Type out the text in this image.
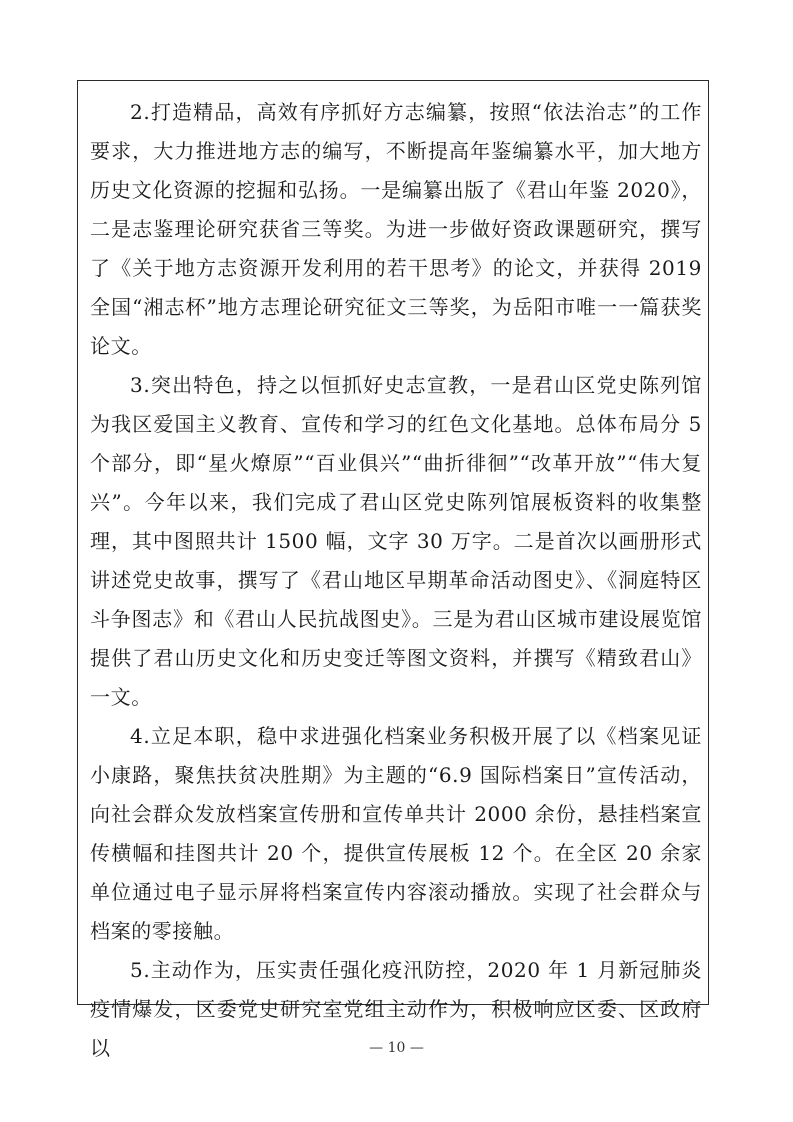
2.打造精品，高效有序抓好方志编纂，按照“依法治志”的工作要求，大力推进地方志的编写，不断提高年鉴编纂水平，加大地方历史文化资源的挖掘和弘扬。一是编纂出版了《君山年鉴 2020》，二是志鉴理论研究获省三等奖。为进一步做好资政课题研究，撰写了《关于地方志资源开发利用的若干思考》的论文，并获得 2019 全国“湘志杯”地方志理论研究征文三等奖，为岳阳市唯一一篇获奖论文。

3.突出特色，持之以恒抓好史志宣教，一是君山区党史陈列馆为我区爱国主义教育、宣传和学习的红色文化基地。总体布局分 5 个部分，即“星火燎原”“百业俱兴”“曲折徘徊”“改革开放”“伟大复兴”。今年以来，我们完成了君山区党史陈列馆展板资料的收集整理，其中图照共计 1500 幅，文字 30 万字。二是首次以画册形式讲述党史故事，撰写了《君山地区早期革命活动图史》、《洞庭特区斗争图志》和《君山人民抗战图史》。三是为君山区城市建设展览馆提供了君山历史文化和历史变迁等图文资料，并撰写《精致君山》一文。

4.立足本职，稳中求进强化档案业务积极开展了以《档案见证小康路，聚焦扶贫决胜期》为主题的“6.9 国际档案日”宣传活动，向社会群众发放档案宣传册和宣传单共计 2000 余份，悬挂档案宣传横幅和挂图共计 20 个，提供宣传展板 12 个。在全区 20 余家单位通过电子显示屏将档案宣传内容滚动播放。实现了社会群众与档案的零接触。

5.主动作为，压实责任强化疫汛防控，2020 年 1 月新冠肺炎疫情爆发，区委党史研究室党组主动作为，积极响应区委、区政府以	— 10 —
